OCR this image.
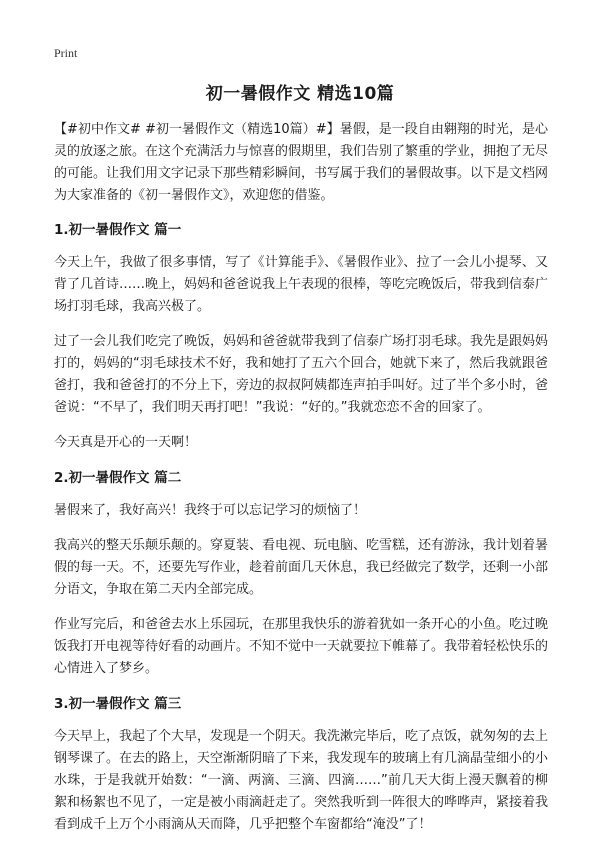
Print
初一暑假作文 精选10篇

【#初中作文# #初一暑假作文（精选10篇）#】暑假，是一段自由翱翔的时光，是心灵的放逐之旅。在这个充满活力与惊喜的假期里，我们告别了繁重的学业，拥抱了无尽的可能。让我们用文字记录下那些精彩瞬间，书写属于我们的暑假故事。以下是文档网为大家准备的《初一暑假作文》，欢迎您的借鉴。

1.初一暑假作文 篇一

今天上午，我做了很多事情，写了《计算能手》、《暑假作业》、拉了一会儿小提琴、又背了几首诗……晚上，妈妈和爸爸说我上午表现的很棒，等吃完晚饭后，带我到信泰广场打羽毛球，我高兴极了。

过了一会儿我们吃完了晚饭，妈妈和爸爸就带我到了信泰广场打羽毛球。我先是跟妈妈打的，妈妈的“羽毛球技术不好，我和她打了五六个回合，她就下来了，然后我就跟爸爸打，我和爸爸打的不分上下，旁边的叔叔阿姨都连声拍手叫好。过了半个多小时，爸爸说：“不早了，我们明天再打吧！”我说：“好的。”我就恋恋不舍的回家了。

今天真是开心的一天啊！

2.初一暑假作文 篇二

暑假来了，我好高兴！我终于可以忘记学习的烦恼了！

我高兴的整天乐颠乐颠的。穿夏装、看电视、玩电脑、吃雪糕，还有游泳，我计划着暑假的每一天。不，还要先写作业，趁着前面几天休息，我已经做完了数学，还剩一小部分语文，争取在第二天内全部完成。

作业写完后，和爸爸去水上乐园玩，在那里我快乐的游着犹如一条开心的小鱼。吃过晚饭我打开电视等待好看的动画片。不知不觉中一天就要拉下帷幕了。我带着轻松快乐的心情进入了梦乡。

3.初一暑假作文 篇三

今天早上，我起了个大早，发现是一个阴天。我洗漱完毕后，吃了点饭，就匆匆的去上钢琴课了。在去的路上，天空渐渐阴暗了下来，我发现车的玻璃上有几滴晶莹细小的小水珠，于是我就开始数：“一滴、两滴、三滴、四滴……”前几天大街上漫天飘着的柳絮和杨絮也不见了，一定是被小雨滴赶走了。突然我听到一阵很大的哗哗声，紧接着我看到成千上万个小雨滴从天而降，几乎把整个车窗都给“淹没”了！
